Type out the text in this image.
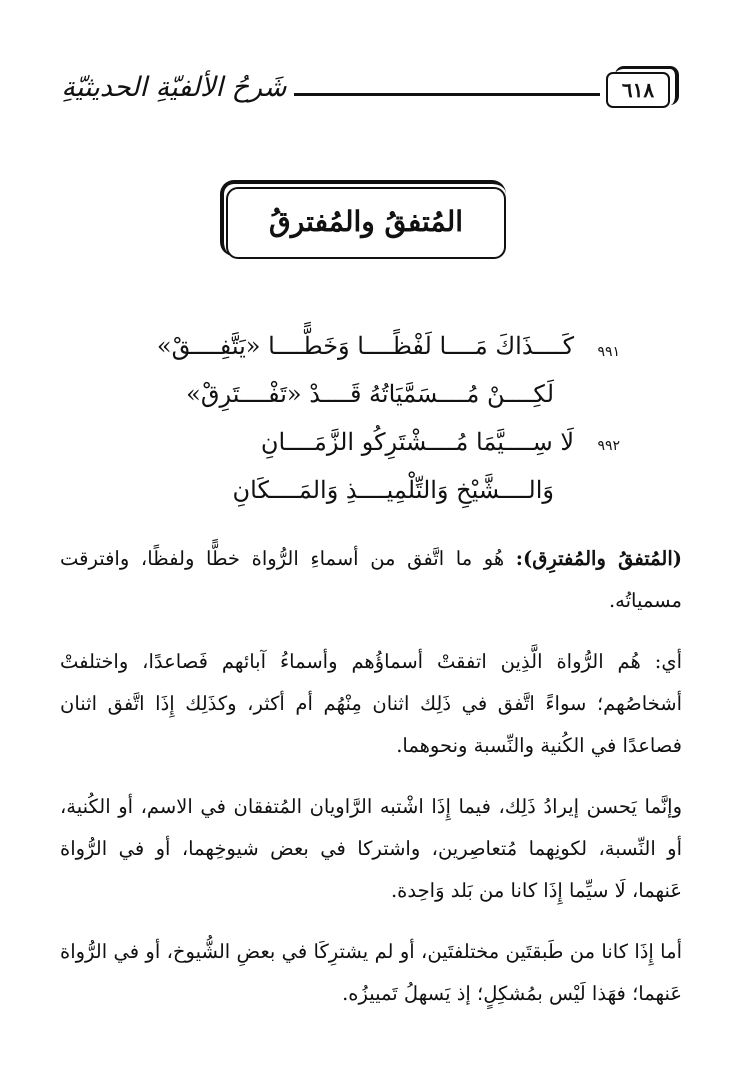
شَرحُ الألفيّةِ الحديثيّةِ	٦١٨
المُتفقُ والمُفترقُ
٩٩١
كَــــذَاكَ مَــــا لَفْظًــــا وَخَطًّــــا «يَتَّفِــــقْ»
لَكِــــنْ مُــــسَمَّيَاتُهُ قَــــدْ «تَفْــــتَرِقْ»
٩٩٢
لَا سِــــيَّمَا مُــــشْتَرِكُو الزَّمَــــانِ
وَالــــشَّيْخِ وَالتِّلْمِيــــذِ وَالمَــــكَانِ

(المُتفقُ والمُفترِق): هُو ما اتَّفق من أسماءِ الرُّواة خطًّا ولفظًا، وافترقت مسمياتُه.

أي: هُم الرُّواة الَّذِين اتفقتْ أسماؤُهم وأسماءُ آبائهم فَصاعدًا، واختلفتْ أشخاصُهم؛ سواءً اتَّفق في ذَلِك اثنان مِنْهُم أم أكثر، وكذَلِك إِذَا اتَّفق اثنان فصاعدًا في الكُنية والنِّسبة ونحوهما.

وإنَّما يَحسن إيرادُ ذَلِك، فيما إِذَا اشْتبه الرَّاويان المُتفقان في الاسم، أو الكُنية، أو النِّسبة، لكونِهما مُتعاصِرين، واشتركا في بعض شيوخِهما، أو في الرُّواة عَنهما، لَا سيِّما إِذَا كانا من بَلد وَاحِدة.

أما إِذَا كانا من طَبقتَين مختلفتَين، أو لم يشترِكَا في بعضِ الشُّيوخ، أو في الرُّواة عَنهما؛ فهَذا لَيْس بمُشكِلٍ؛ إذ يَسهلُ تَمييزُه.
